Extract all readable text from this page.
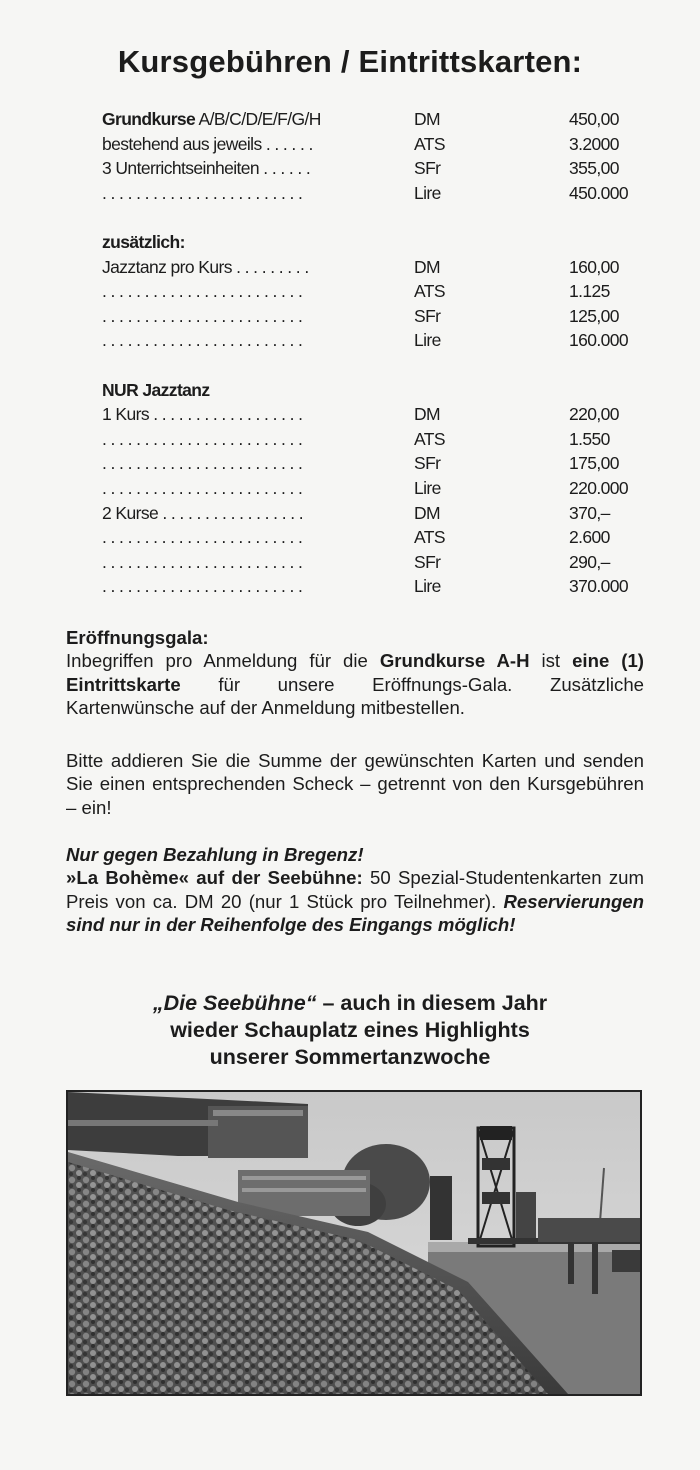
Kursgebühren / Eintrittskarten:
Grundkurse A/B/C/D/E/F/G/H	DM	450,00
bestehend aus jeweils . . . . . .	ATS	3.2000
3 Unterrichtseinheiten . . . . . .	SFr	355,00
. . . . . . . . . . . . . . . . . . . . . . . .	Lire	450.000
zusätzlich:
Jazztanz pro Kurs . . . . . . . . .	DM	160,00
. . . . . . . . . . . . . . . . . . . . . . . .	ATS	1.125
. . . . . . . . . . . . . . . . . . . . . . . .	SFr	125,00
. . . . . . . . . . . . . . . . . . . . . . . .	Lire	160.000
NUR Jazztanz
1 Kurs . . . . . . . . . . . . . . . . . .	DM	220,00
. . . . . . . . . . . . . . . . . . . . . . . .	ATS	1.550
. . . . . . . . . . . . . . . . . . . . . . . .	SFr	175,00
. . . . . . . . . . . . . . . . . . . . . . . .	Lire	220.000
2 Kurse . . . . . . . . . . . . . . . . .	DM	370,–
. . . . . . . . . . . . . . . . . . . . . . . .	ATS	2.600
. . . . . . . . . . . . . . . . . . . . . . . .	SFr	290,–
. . . . . . . . . . . . . . . . . . . . . . . .	Lire	370.000
Eröffnungsgala:
Inbegriffen pro Anmeldung für die Grundkurse A-H ist eine (1) Eintrittskarte für unsere Eröffnungs-Gala. Zusätzliche Kartenwünsche auf der Anmeldung mitbestellen.
Bitte addieren Sie die Summe der gewünschten Karten und senden Sie einen entsprechenden Scheck – getrennt von den Kursgebühren – ein!
Nur gegen Bezahlung in Bregenz!
»La Bohème« auf der Seebühne: 50 Spezial-Studentenkarten zum Preis von ca. DM 20 (nur 1 Stück pro Teilnehmer). Reservierungen sind nur in der Reihenfolge des Eingangs möglich!
„Die Seebühne“ – auch in diesem Jahr
wieder Schauplatz eines Highlights
unserer Sommertanzwoche
